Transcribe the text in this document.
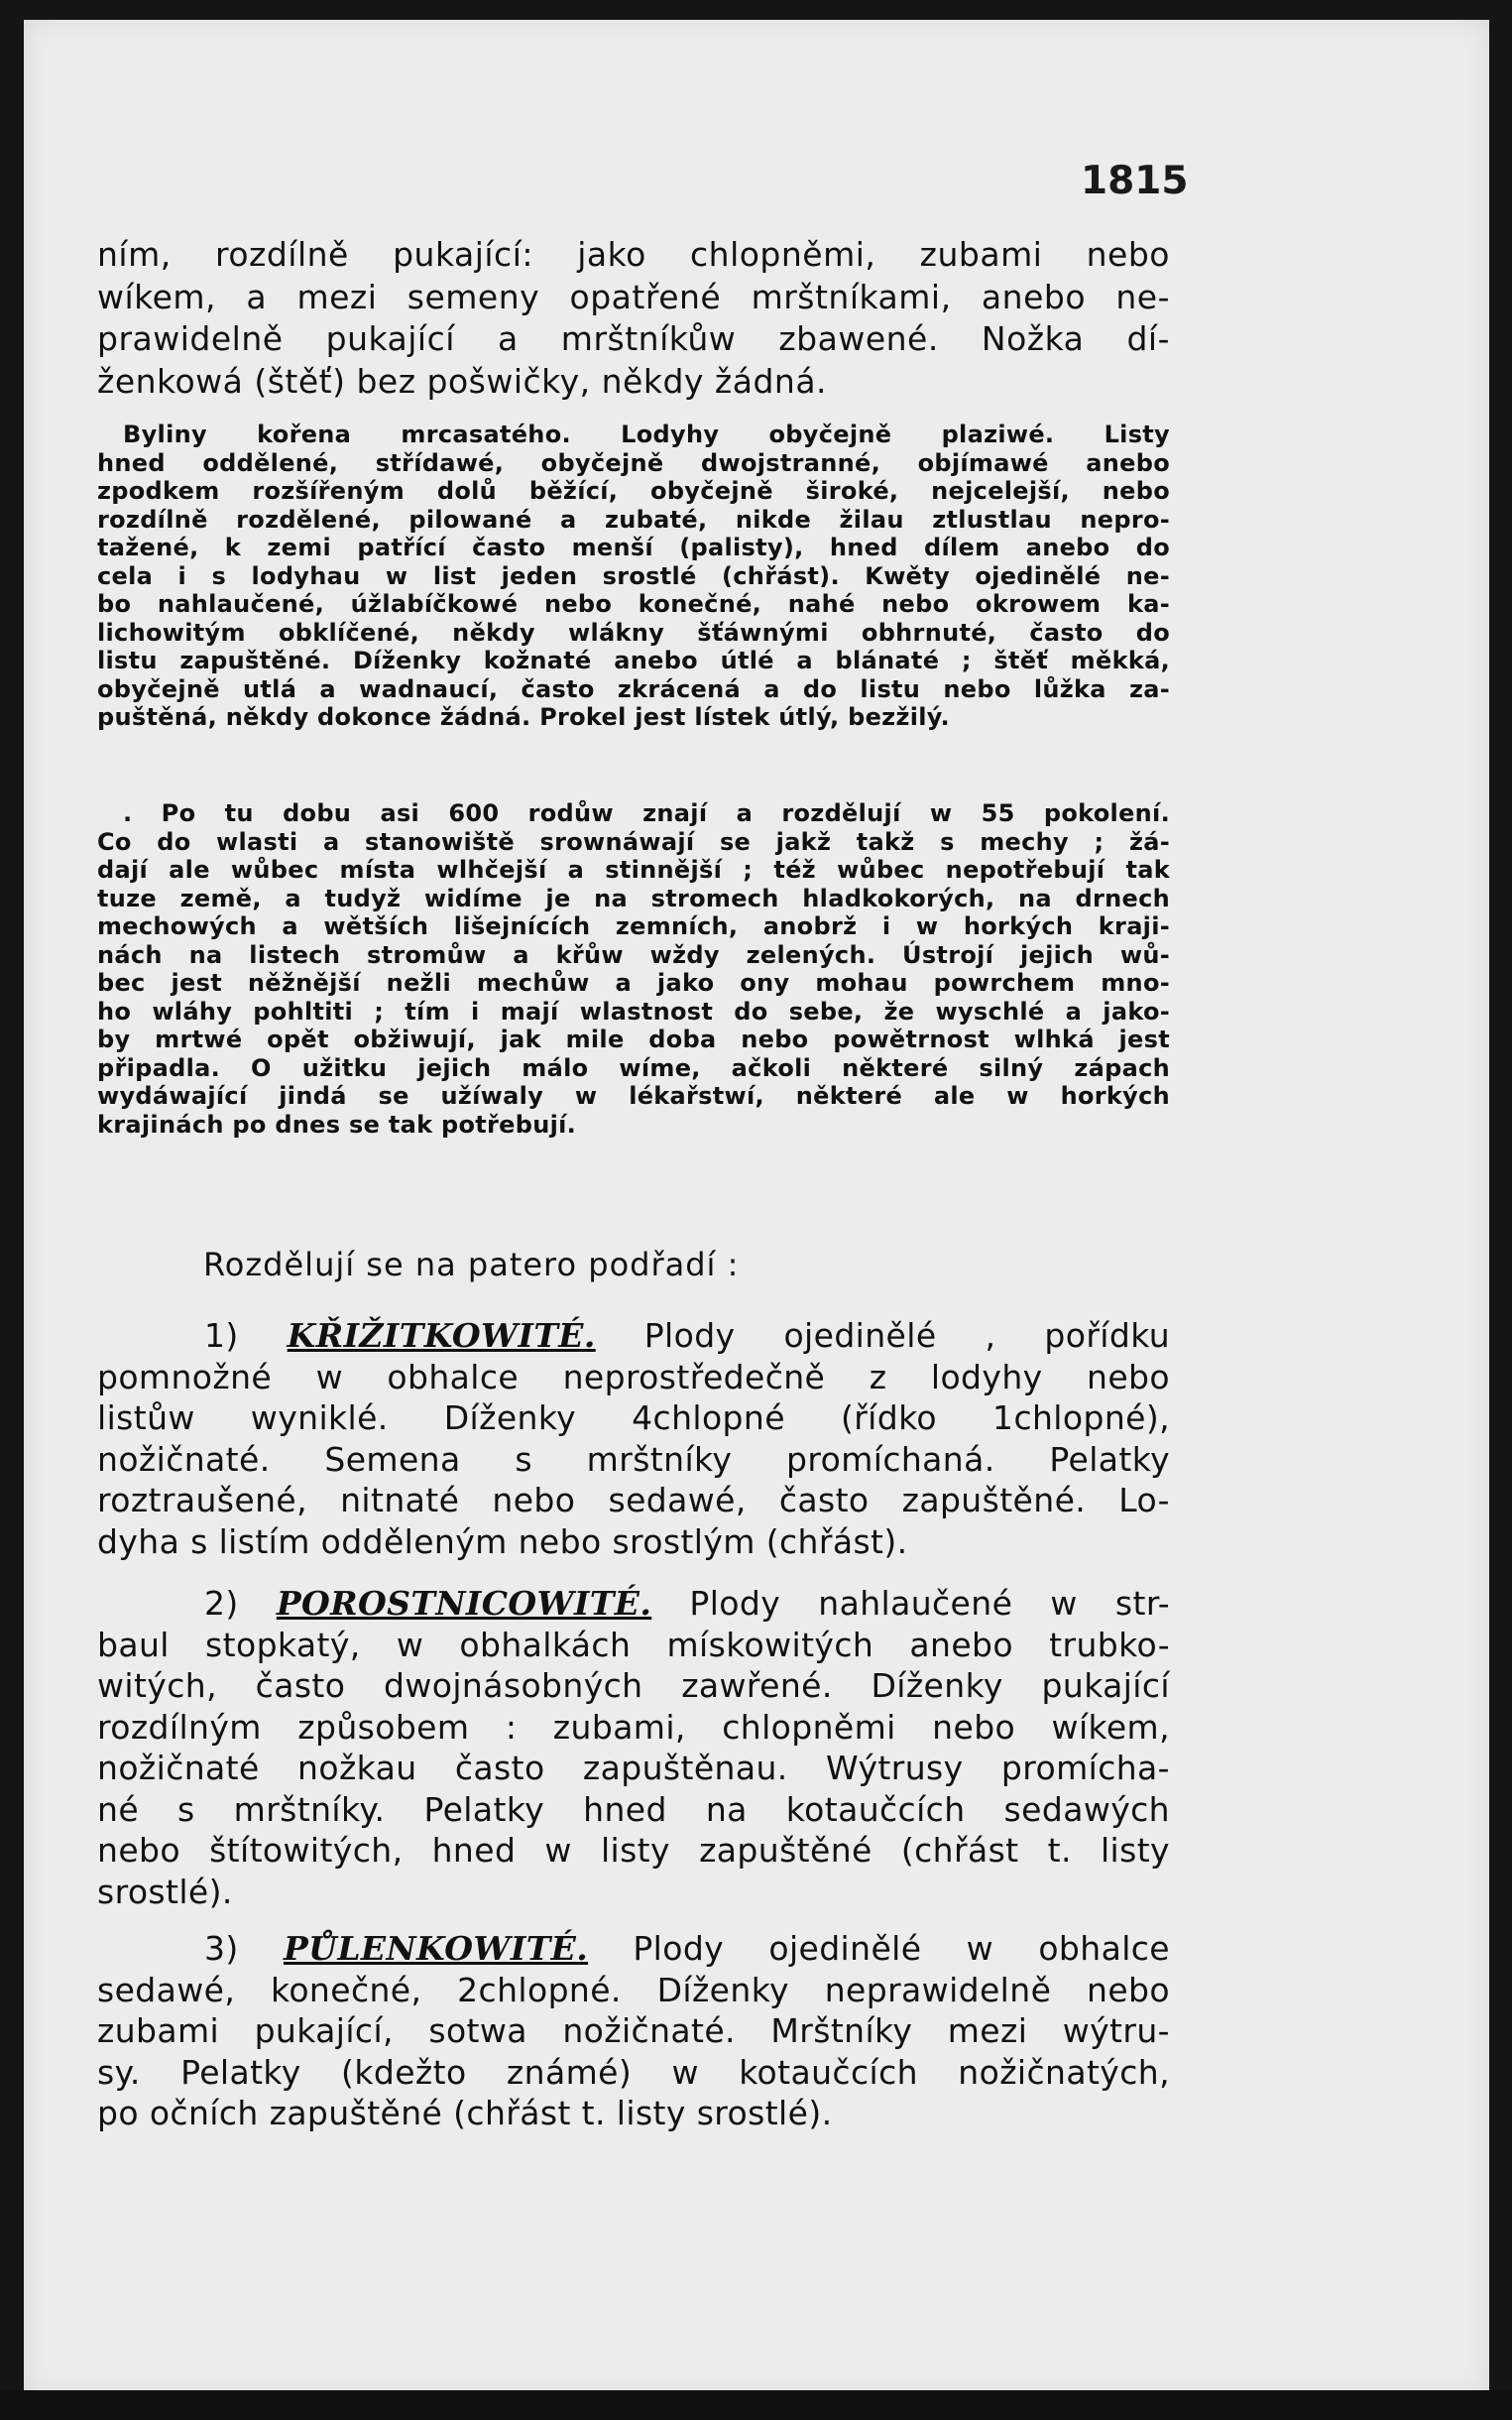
1815
ním, rozdílně pukající: jako chlopněmi, zubami nebo
wíkem, a mezi semeny opatřené mrštníkami, anebo ne-
prawidelně pukající a mrštníkůw zbawené. Nožka dí-
ženkowá (štěť) bez pošwičky, někdy žádná.
Byliny kořena mrcasatého. Lodyhy obyčejně plaziwé. Listy
hned oddělené, střídawé, obyčejně dwojstranné, objímawé anebo
zpodkem rozšířeným dolů běžící, obyčejně široké, nejcelejší, nebo
rozdílně rozdělené, pilowané a zubaté, nikde žilau ztlustlau nepro-
tažené, k zemi patřící často menší (palisty), hned dílem anebo do
cela i s lodyhau w list jeden srostlé (chřást). Kwěty ojedinělé ne-
bo nahlaučené, úžlabíčkowé nebo konečné, nahé nebo okrowem ka-
lichowitým obklíčené, někdy wlákny šťáwnými obhrnuté, často do
listu zapuštěné. Díženky kožnaté anebo útlé a blánaté ; štěť měkká,
obyčejně utlá a wadnaucí, často zkrácená a do listu nebo lůžka za-
puštěná, někdy dokonce žádná. Prokel jest lístek útlý, bezžilý.
. Po tu dobu asi 600 rodůw znají a rozdělují w 55 pokolení.
Co do wlasti a stanowiště srownáwají se jakž takž s mechy ; žá-
dají ale wůbec místa wlhčejší a stinnější ; též wůbec nepotřebují tak
tuze země, a tudyž widíme je na stromech hladkokorých, na drnech
mechowých a wětších lišejnících zemních, anobrž i w horkých kraji-
nách na listech stromůw a křůw wždy zelených. Ústrojí jejich wů-
bec jest něžnější nežli mechůw a jako ony mohau powrchem mno-
ho wláhy pohltiti ; tím i mají wlastnost do sebe, že wyschlé a jako-
by mrtwé opět obžiwují, jak mile doba nebo powětrnost wlhká jest
připadla. O užitku jejich málo wíme, ačkoli některé silný zápach
wydáwající jindá se užíwaly w lékařstwí, některé ale w horkých
krajinách po dnes se tak potřebují.
Rozdělují se na patero podřadí :
1) KŘIŽITKOWITÉ. Plody ojedinělé , pořídku
pomnožné w obhalce neprostředečně z lodyhy nebo
listůw wyniklé. Díženky 4chlopné (řídko 1chlopné),
nožičnaté. Semena s mrštníky promíchaná. Pelatky
roztraušené, nitnaté nebo sedawé, často zapuštěné. Lo-
dyha s listím odděleným nebo srostlým (chřást).
2) POROSTNICOWITÉ. Plody nahlaučené w str-
baul stopkatý, w obhalkách mískowitých anebo trubko-
witých, často dwojnásobných zawřené. Díženky pukající
rozdílným způsobem : zubami, chlopněmi nebo wíkem,
nožičnaté nožkau často zapuštěnau. Wýtrusy promícha-
né s mrštníky. Pelatky hned na kotaučcích sedawých
nebo štítowitých, hned w listy zapuštěné (chřást t. listy
srostlé).
3) PŮLENKOWITÉ. Plody ojedinělé w obhalce
sedawé, konečné, 2chlopné. Díženky neprawidelně nebo
zubami pukající, sotwa nožičnaté. Mrštníky mezi wýtru-
sy. Pelatky (kdežto známé) w kotaučcích nožičnatých,
po očních zapuštěné (chřást t. listy srostlé).
